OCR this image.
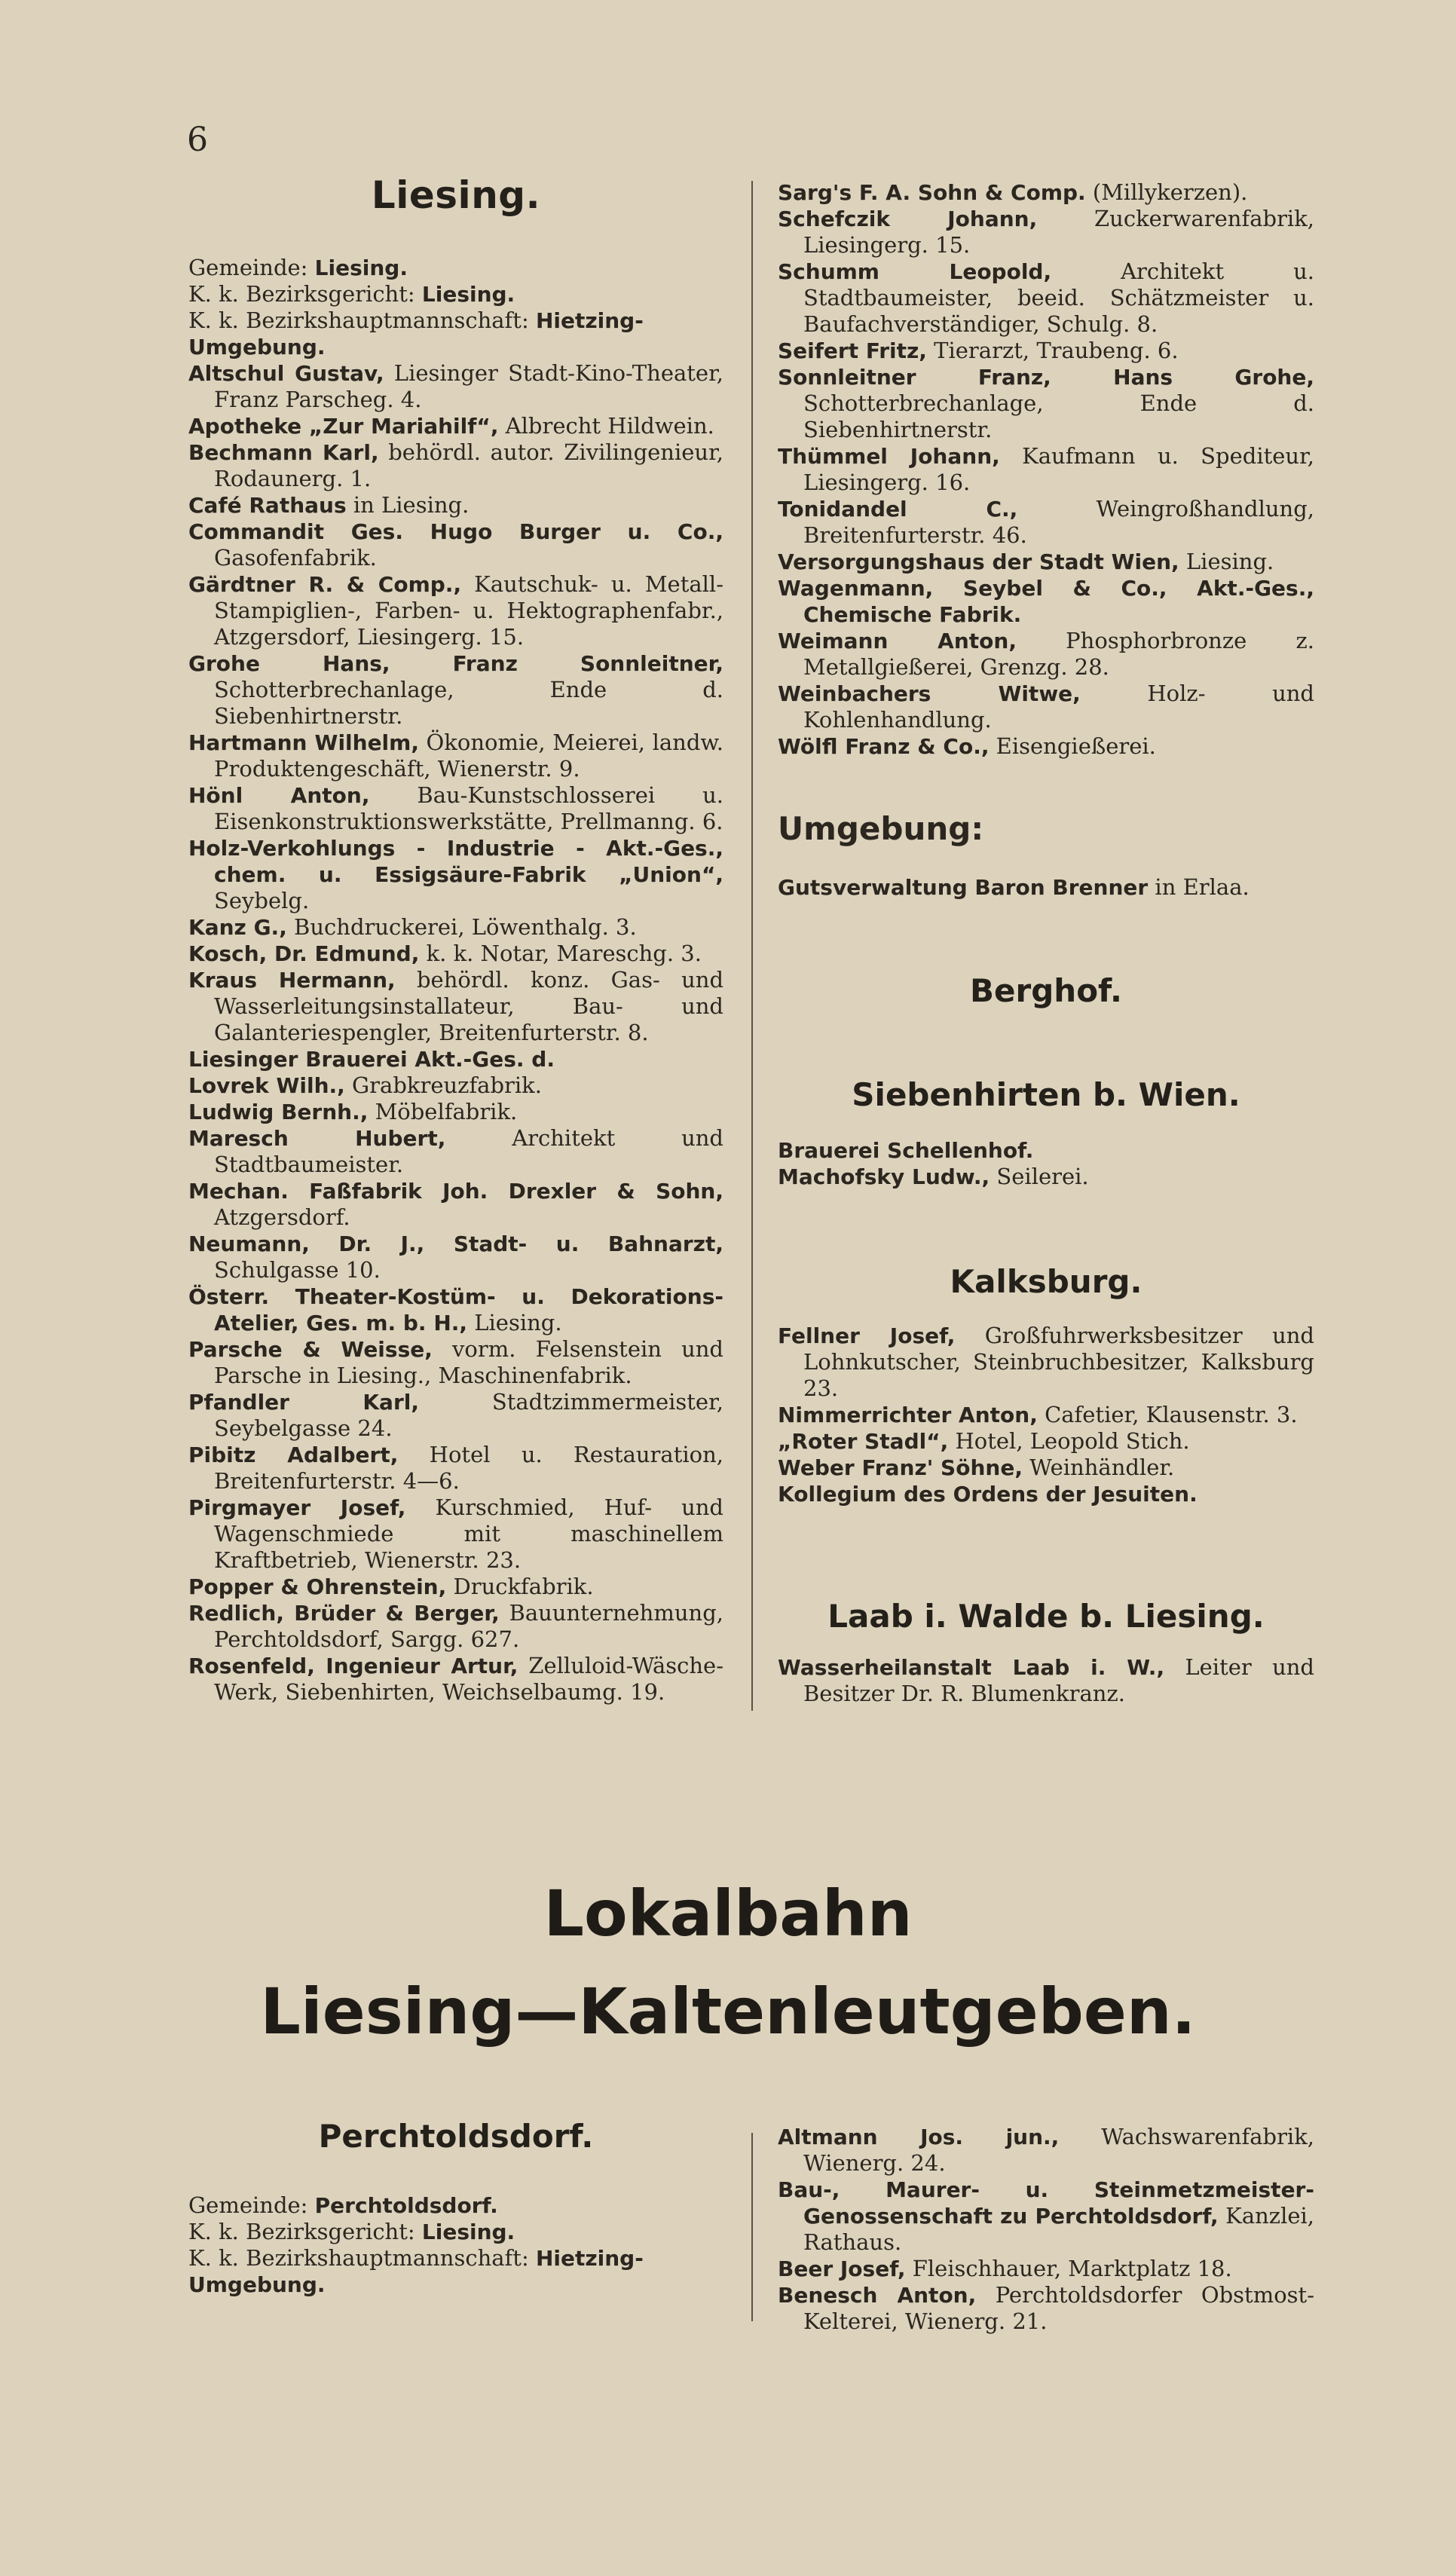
6
Liesing.

Gemeinde: Liesing.

K. k. Bezirksgericht: Liesing.

K. k. Bezirkshauptmannschaft: Hietzing-Umgebung.

Altschul Gustav, Liesinger Stadt-Kino-Theater, Franz Parscheg. 4.

Apotheke „Zur Mariahilf“, Albrecht Hildwein.

Bechmann Karl, behördl. autor. Zivilingenieur, Rodaunerg. 1.

Café Rathaus in Liesing.

Commandit Ges. Hugo Burger u. Co., Gasofenfabrik.

Gärdtner R. & Comp., Kautschuk- u. Metall-Stampiglien-, Farben- u. Hektographenfabr., Atzgersdorf, Liesingerg. 15.

Grohe Hans, Franz Sonnleitner, Schotterbrechanlage, Ende d. Siebenhirtnerstr.

Hartmann Wilhelm, Ökonomie, Meierei, landw. Produktengeschäft, Wienerstr. 9.

Hönl Anton, Bau-Kunstschlosserei u. Eisenkonstruktionswerkstätte, Prellmanng. 6.

Holz-Verkohlungs - Industrie - Akt.-Ges., chem. u. Essigsäure-Fabrik „Union“, Seybelg.

Kanz G., Buchdruckerei, Löwenthalg. 3.

Kosch, Dr. Edmund, k. k. Notar, Mareschg. 3.

Kraus Hermann, behördl. konz. Gas- und Wasserleitungsinstallateur, Bau- und Galanteriespengler, Breitenfurterstr. 8.

Liesinger Brauerei Akt.-Ges. d.

Lovrek Wilh., Grabkreuzfabrik.

Ludwig Bernh., Möbelfabrik.

Maresch Hubert, Architekt und Stadtbaumeister.

Mechan. Faßfabrik Joh. Drexler & Sohn, Atzgersdorf.

Neumann, Dr. J., Stadt- u. Bahnarzt, Schulgasse 10.

Österr. Theater-Kostüm- u. Dekorations-Atelier, Ges. m. b. H., Liesing.

Parsche & Weisse, vorm. Felsenstein und Parsche in Liesing., Maschinenfabrik.

Pfandler Karl, Stadtzimmermeister, Seybelgasse 24.

Pibitz Adalbert, Hotel u. Restauration, Breitenfurterstr. 4—6.

Pirgmayer Josef, Kurschmied, Huf- und Wagenschmiede mit maschinellem Kraftbetrieb, Wienerstr. 23.

Popper & Ohrenstein, Druckfabrik.

Redlich, Brüder & Berger, Bauunternehmung, Perchtoldsdorf, Sargg. 627.

Rosenfeld, Ingenieur Artur, Zelluloid-Wäsche-Werk, Siebenhirten, Weichselbaumg. 19.

Sarg's F. A. Sohn & Comp. (Millykerzen).

Schefczik Johann, Zuckerwarenfabrik, Liesingerg. 15.

Schumm Leopold, Architekt u. Stadtbaumeister, beeid. Schätzmeister u. Baufachverständiger, Schulg. 8.

Seifert Fritz, Tierarzt, Traubeng. 6.

Sonnleitner Franz, Hans Grohe, Schotterbrechanlage, Ende d. Siebenhirtnerstr.

Thümmel Johann, Kaufmann u. Spediteur, Liesingerg. 16.

Tonidandel C., Weingroßhandlung, Breitenfurterstr. 46.

Versorgungshaus der Stadt Wien, Liesing.

Wagenmann, Seybel & Co., Akt.-Ges., Chemische Fabrik.

Weimann Anton, Phosphorbronze z. Metallgießerei, Grenzg. 28.

Weinbachers Witwe, Holz- und Kohlenhandlung.

Wölfl Franz & Co., Eisengießerei.

Umgebung:

Gutsverwaltung Baron Brenner in Erlaa.

Berghof.
Siebenhirten b. Wien.

Brauerei Schellenhof.

Machofsky Ludw., Seilerei.

Kalksburg.

Fellner Josef, Großfuhrwerksbesitzer und Lohnkutscher, Steinbruchbesitzer, Kalksburg 23.

Nimmerrichter Anton, Cafetier, Klausenstr. 3.

„Roter Stadl“, Hotel, Leopold Stich.

Weber Franz' Söhne, Weinhändler.

Kollegium des Ordens der Jesuiten.

Laab i. Walde b. Liesing.

Wasserheilanstalt Laab i. W., Leiter und Besitzer Dr. R. Blumenkranz.

Lokalbahn

Liesing—Kaltenleutgeben.

Perchtoldsdorf.

Gemeinde: Perchtoldsdorf.

K. k. Bezirksgericht: Liesing.

K. k. Bezirkshauptmannschaft: Hietzing-Umgebung.

Altmann Jos. jun., Wachswarenfabrik, Wienerg. 24.

Bau-, Maurer- u. Steinmetzmeister-Genossenschaft zu Perchtoldsdorf, Kanzlei, Rathaus.

Beer Josef, Fleischhauer, Marktplatz 18.

Benesch Anton, Perchtoldsdorfer Obstmost-Kelterei, Wienerg. 21.
